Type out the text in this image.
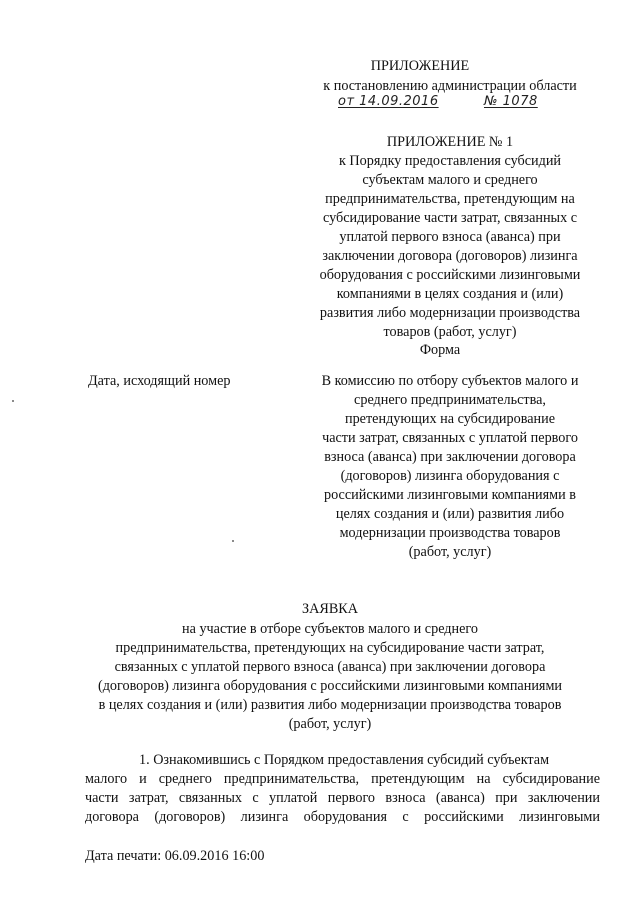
ПРИЛОЖЕНИЕ
к постановлению администрации области
от 14.09.2016	№ 1078
ПРИЛОЖЕНИЕ № 1
к Порядку предоставления субсидий
субъектам малого и среднего
предпринимательства, претендующим на
субсидирование части затрат, связанных с
уплатой первого взноса (аванса) при
заключении договора (договоров) лизинга
оборудования с российскими лизинговыми
компаниями в целях создания и (или)
развития либо модернизации производства
товаров (работ, услуг)
Форма
Дата, исходящий номер	В комиссию по отбору субъектов малого и
среднего предпринимательства,
претендующих на субсидирование
части затрат, связанных с уплатой первого
взноса (аванса) при заключении договора
(договоров) лизинга оборудования с
российскими лизинговыми компаниями в
целях создания и (или) развития либо
модернизации производства товаров
(работ, услуг)
ЗАЯВКА
на участие в отборе субъектов малого и среднего
предпринимательства, претендующих на субсидирование части затрат,
связанных с уплатой первого взноса (аванса) при заключении договора
(договоров) лизинга оборудования с российскими лизинговыми компаниями
в целях создания и (или) развития либо модернизации производства товаров
(работ, услуг)
1. Ознакомившись с Порядком предоставления субсидий субъектам
малого и среднего предпринимательства, претендующим на субсидирование
части затрат, связанных с уплатой первого взноса (аванса) при заключении
договора (договоров) лизинга оборудования с российскими лизинговыми
Дата печати: 06.09.2016 16:00
